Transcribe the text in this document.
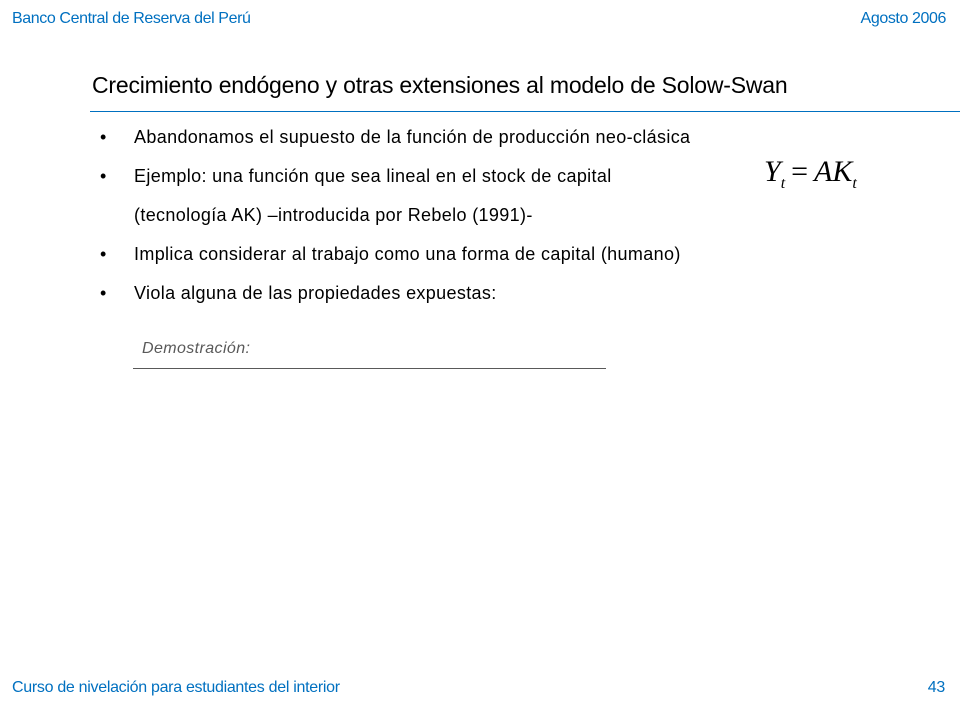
Banco Central de Reserva del Perú	Agosto 2006
Crecimiento endógeno y otras extensiones al modelo de Solow-Swan
• Abandonamos el supuesto de la función de producción neo-clásica
• Ejemplo: una función que sea lineal en el stock de capital	$Y_t = AK_t$
(tecnología AK) –introducida por Rebelo (1991)-
• Implica considerar al trabajo como una forma de capital (humano)
• Viola alguna de las propiedades expuestas:
Demostración:
Curso de nivelación para estudiantes del interior	43
